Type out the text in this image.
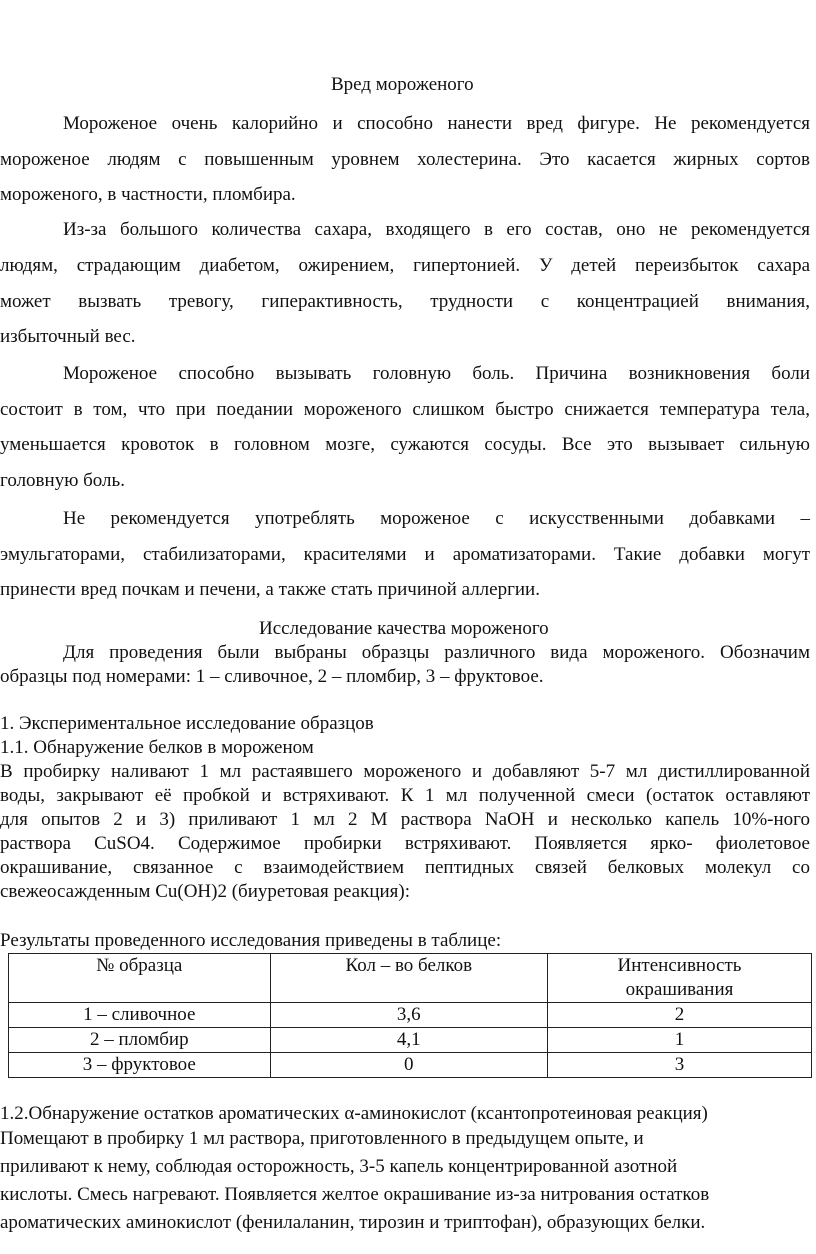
Вред мороженого
Мороженое очень калорийно и способно нанести вред фигуре. Не рекомендуется
мороженое людям с повышенным уровнем холестерина. Это касается жирных сортов
мороженого, в частности, пломбира.
Из-за большого количества сахара, входящего в его состав, оно не рекомендуется
людям, страдающим диабетом, ожирением, гипертонией. У детей переизбыток сахара
может вызвать тревогу, гиперактивность, трудности с концентрацией внимания,
избыточный вес.
Мороженое способно вызывать головную боль. Причина возникновения боли
состоит в том, что при поедании мороженого слишком быстро снижается температура тела,
уменьшается кровоток в головном мозге, сужаются сосуды. Все это вызывает сильную
головную боль.
Не рекомендуется употреблять мороженое с искусственными добавками –
эмульгаторами, стабилизаторами, красителями и ароматизаторами. Такие добавки могут
принести вред почкам и печени, а также стать причиной аллергии.
Исследование качества мороженого
Для проведения были выбраны образцы различного вида мороженого. Обозначим
образцы под номерами: 1 – сливочное, 2 – пломбир, 3 – фруктовое.
1. Экспериментальное исследование образцов
1.1. Обнаружение белков в мороженом
В пробирку наливают 1 мл растаявшего мороженого и добавляют 5-7 мл дистиллированной
воды, закрывают её пробкой и встряхивают. К 1 мл полученной смеси (остаток оставляют
для опытов 2 и 3) приливают 1 мл 2 М раствора NaOH и несколько капель 10%-ного
раствора CuSO4. Содержимое пробирки встряхивают. Появляется ярко- фиолетовое
окрашивание, связанное с взаимодействием пептидных связей белковых молекул со
свежеосажденным Cu(OH)2 (биуретовая реакция):
Результаты проведенного исследования приведены в таблице:
№ образца	Кол – во белков	Интенсивность окрашивания
1 – сливочное	3,6	2
2 – пломбир	4,1	1
3 – фруктовое	0	3
1.2.Обнаружение остатков ароматических α-аминокислот (ксантопротеиновая реакция)
Помещают в пробирку 1 мл раствора, приготовленного в предыдущем опыте, и
приливают к нему, соблюдая осторожность, 3-5 капель концентрированной азотной
кислоты. Смесь нагревают. Появляется желтое окрашивание из-за нитрования остатков
ароматических аминокислот (фенилаланин, тирозин и триптофан), образующих белки.
